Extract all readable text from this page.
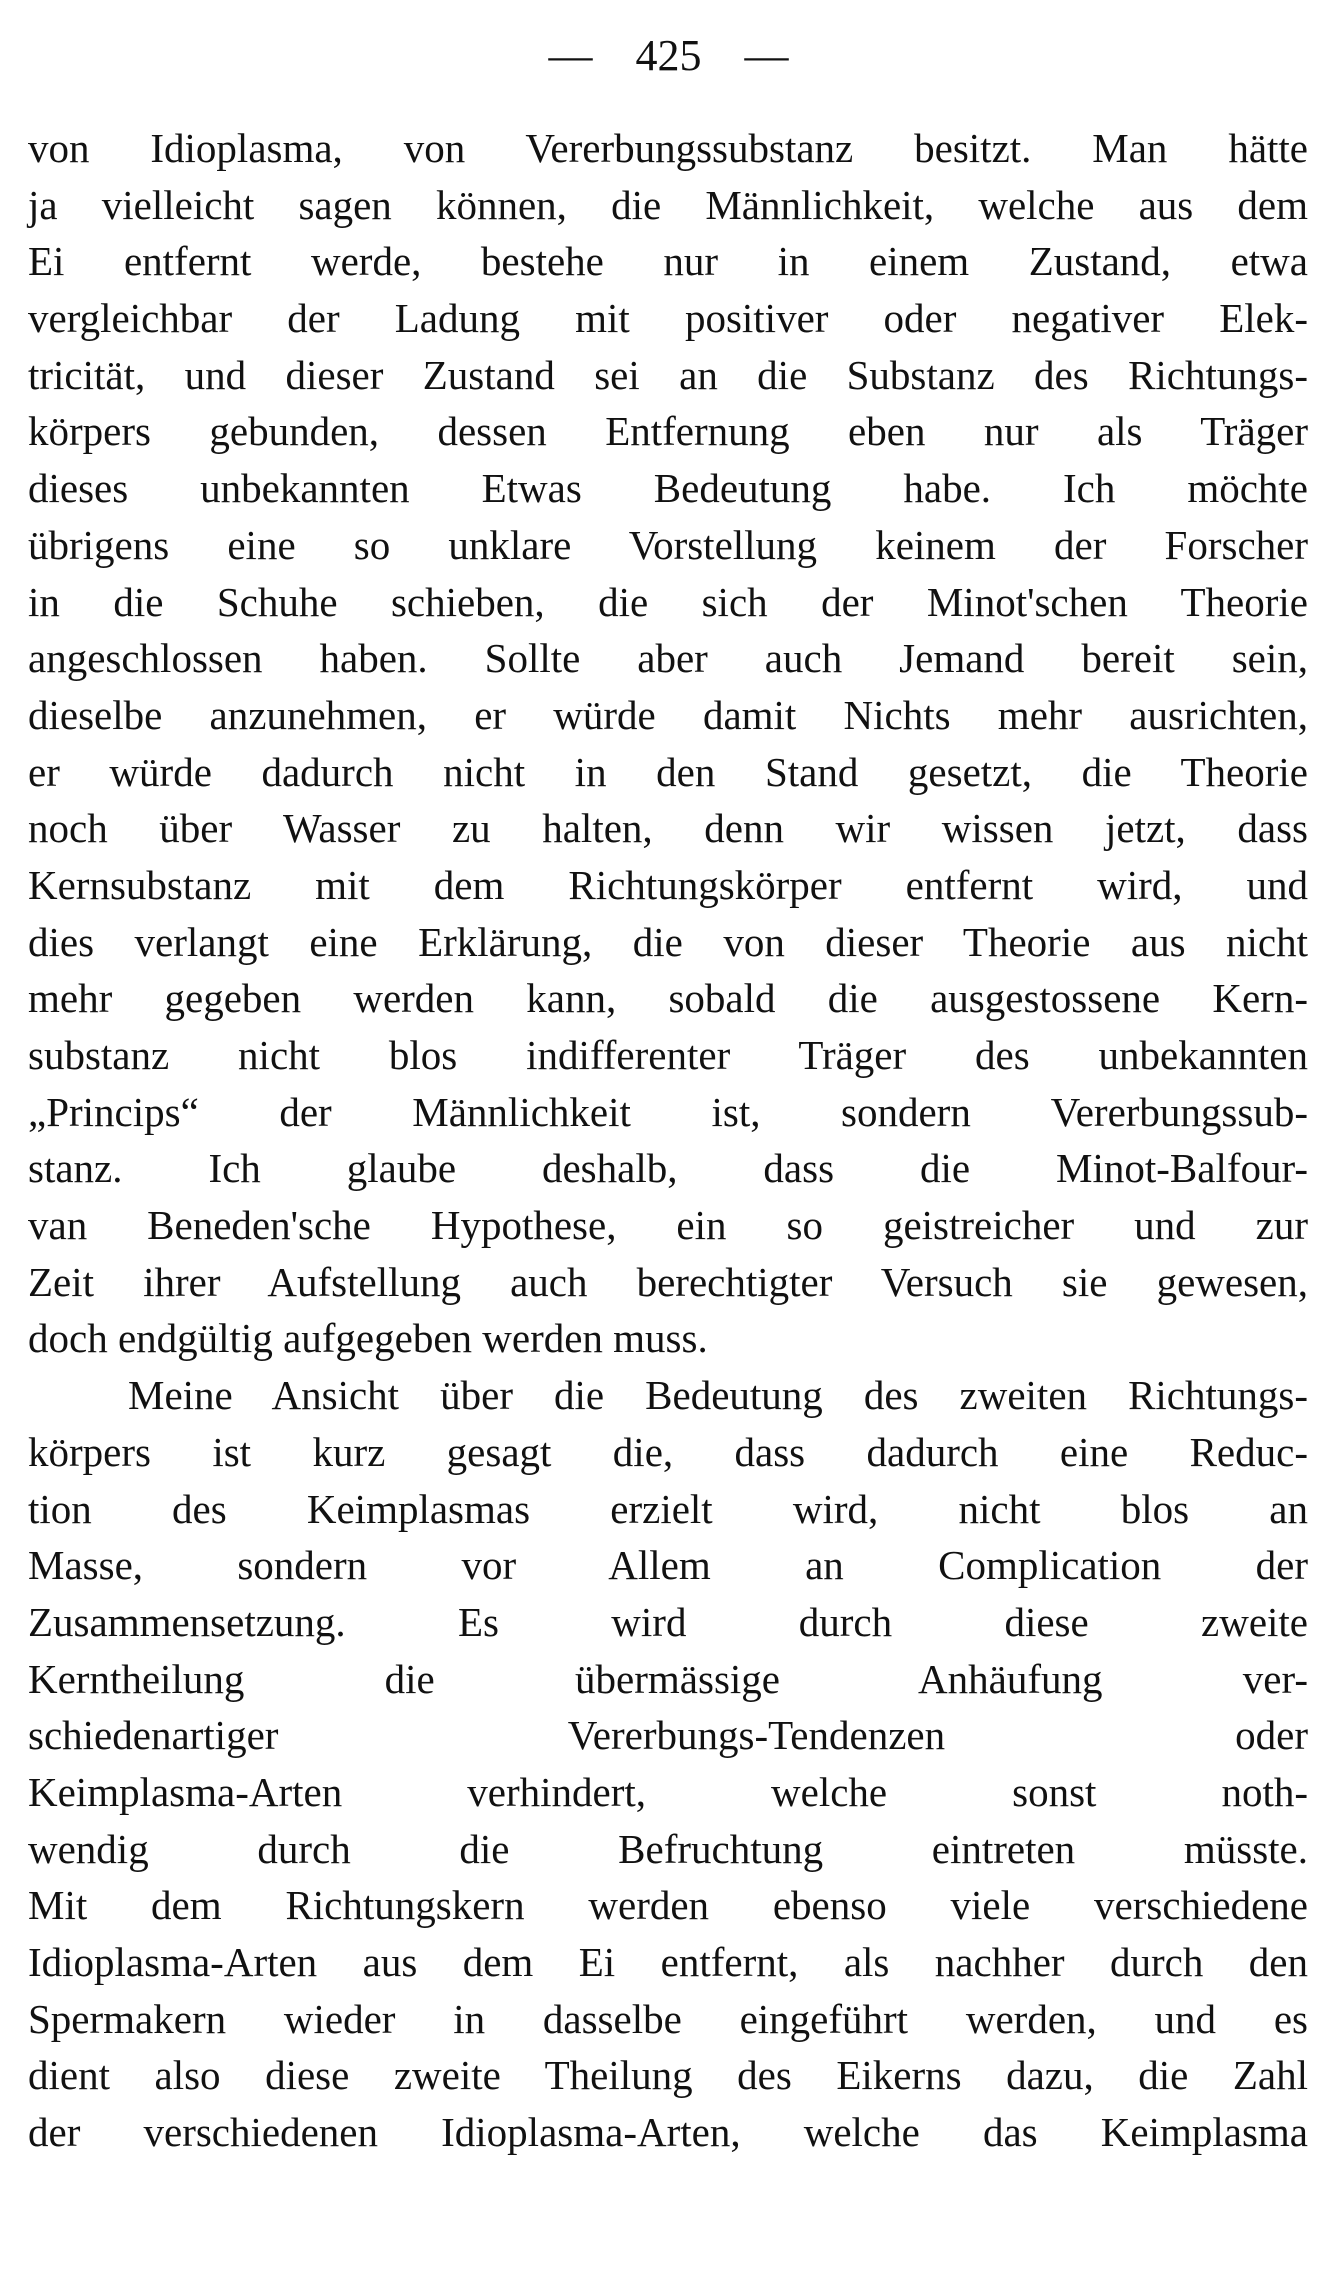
— 425 —
von Idioplasma, von Vererbungssubstanz besitzt. Man hätte
ja vielleicht sagen können, die Männlichkeit, welche aus dem
Ei entfernt werde, bestehe nur in einem Zustand, etwa
vergleichbar der Ladung mit positiver oder negativer Elek-
tricität, und dieser Zustand sei an die Substanz des Richtungs-
körpers gebunden, dessen Entfernung eben nur als Träger
dieses unbekannten Etwas Bedeutung habe. Ich möchte
übrigens eine so unklare Vorstellung keinem der Forscher
in die Schuhe schieben, die sich der Minot'schen Theorie
angeschlossen haben. Sollte aber auch Jemand bereit sein,
dieselbe anzunehmen, er würde damit Nichts mehr ausrichten,
er würde dadurch nicht in den Stand gesetzt, die Theorie
noch über Wasser zu halten, denn wir wissen jetzt, dass
Kernsubstanz mit dem Richtungskörper entfernt wird, und
dies verlangt eine Erklärung, die von dieser Theorie aus nicht
mehr gegeben werden kann, sobald die ausgestossene Kern-
substanz nicht blos indifferenter Träger des unbekannten
„Princips“ der Männlichkeit ist, sondern Vererbungssub-
stanz. Ich glaube deshalb, dass die Minot-Balfour-
van Beneden'sche Hypothese, ein so geistreicher und zur
Zeit ihrer Aufstellung auch berechtigter Versuch sie gewesen,
doch endgültig aufgegeben werden muss.
Meine Ansicht über die Bedeutung des zweiten Richtungs-
körpers ist kurz gesagt die, dass dadurch eine Reduc-
tion des Keimplasmas erzielt wird, nicht blos an
Masse, sondern vor Allem an Complication der
Zusammensetzung. Es wird durch diese zweite
Kerntheilung die übermässige Anhäufung ver-
schiedenartiger Vererbungs-Tendenzen oder
Keimplasma-Arten verhindert, welche sonst noth-
wendig durch die Befruchtung eintreten müsste.
Mit dem Richtungskern werden ebenso viele verschiedene
Idioplasma-Arten aus dem Ei entfernt, als nachher durch den
Spermakern wieder in dasselbe eingeführt werden, und es
dient also diese zweite Theilung des Eikerns dazu, die Zahl
der verschiedenen Idioplasma-Arten, welche das Keimplasma
